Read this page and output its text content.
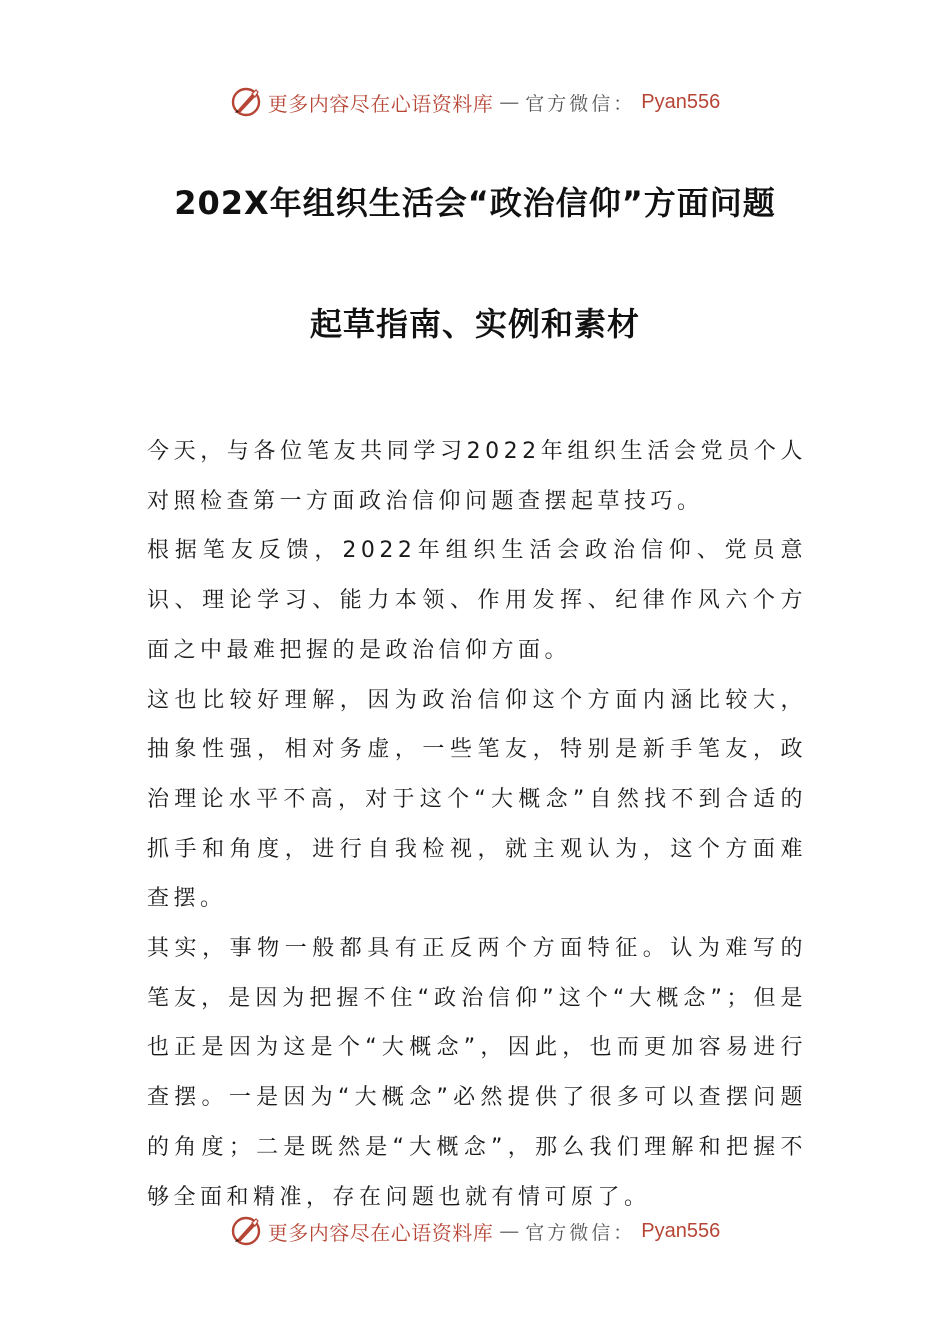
更多内容尽在心语资料库 — 官方微信： Pyan556
202X年组织生活会“政治信仰”方面问题
起草指南、实例和素材

今天，与各位笔友共同学习2022年组织生活会党员个人对照检查第一方面政治信仰问题查摆起草技巧。

根据笔友反馈，2022年组织生活会政治信仰、党员意识、理论学习、能力本领、作用发挥、纪律作风六个方面之中最难把握的是政治信仰方面。

这也比较好理解，因为政治信仰这个方面内涵比较大，抽象性强，相对务虚，一些笔友，特别是新手笔友，政治理论水平不高，对于这个“大概念”自然找不到合适的抓手和角度，进行自我检视，就主观认为，这个方面难查摆。

其实，事物一般都具有正反两个方面特征。认为难写的笔友，是因为把握不住“政治信仰”这个“大概念”；但是也正是因为这是个“大概念”，因此，也而更加容易进行查摆。一是因为“大概念”必然提供了很多可以查摆问题的角度；二是既然是“大概念”，那么我们理解和把握不够全面和精准，存在问题也就有情可原了。

更多内容尽在心语资料库 — 官方微信： Pyan556
